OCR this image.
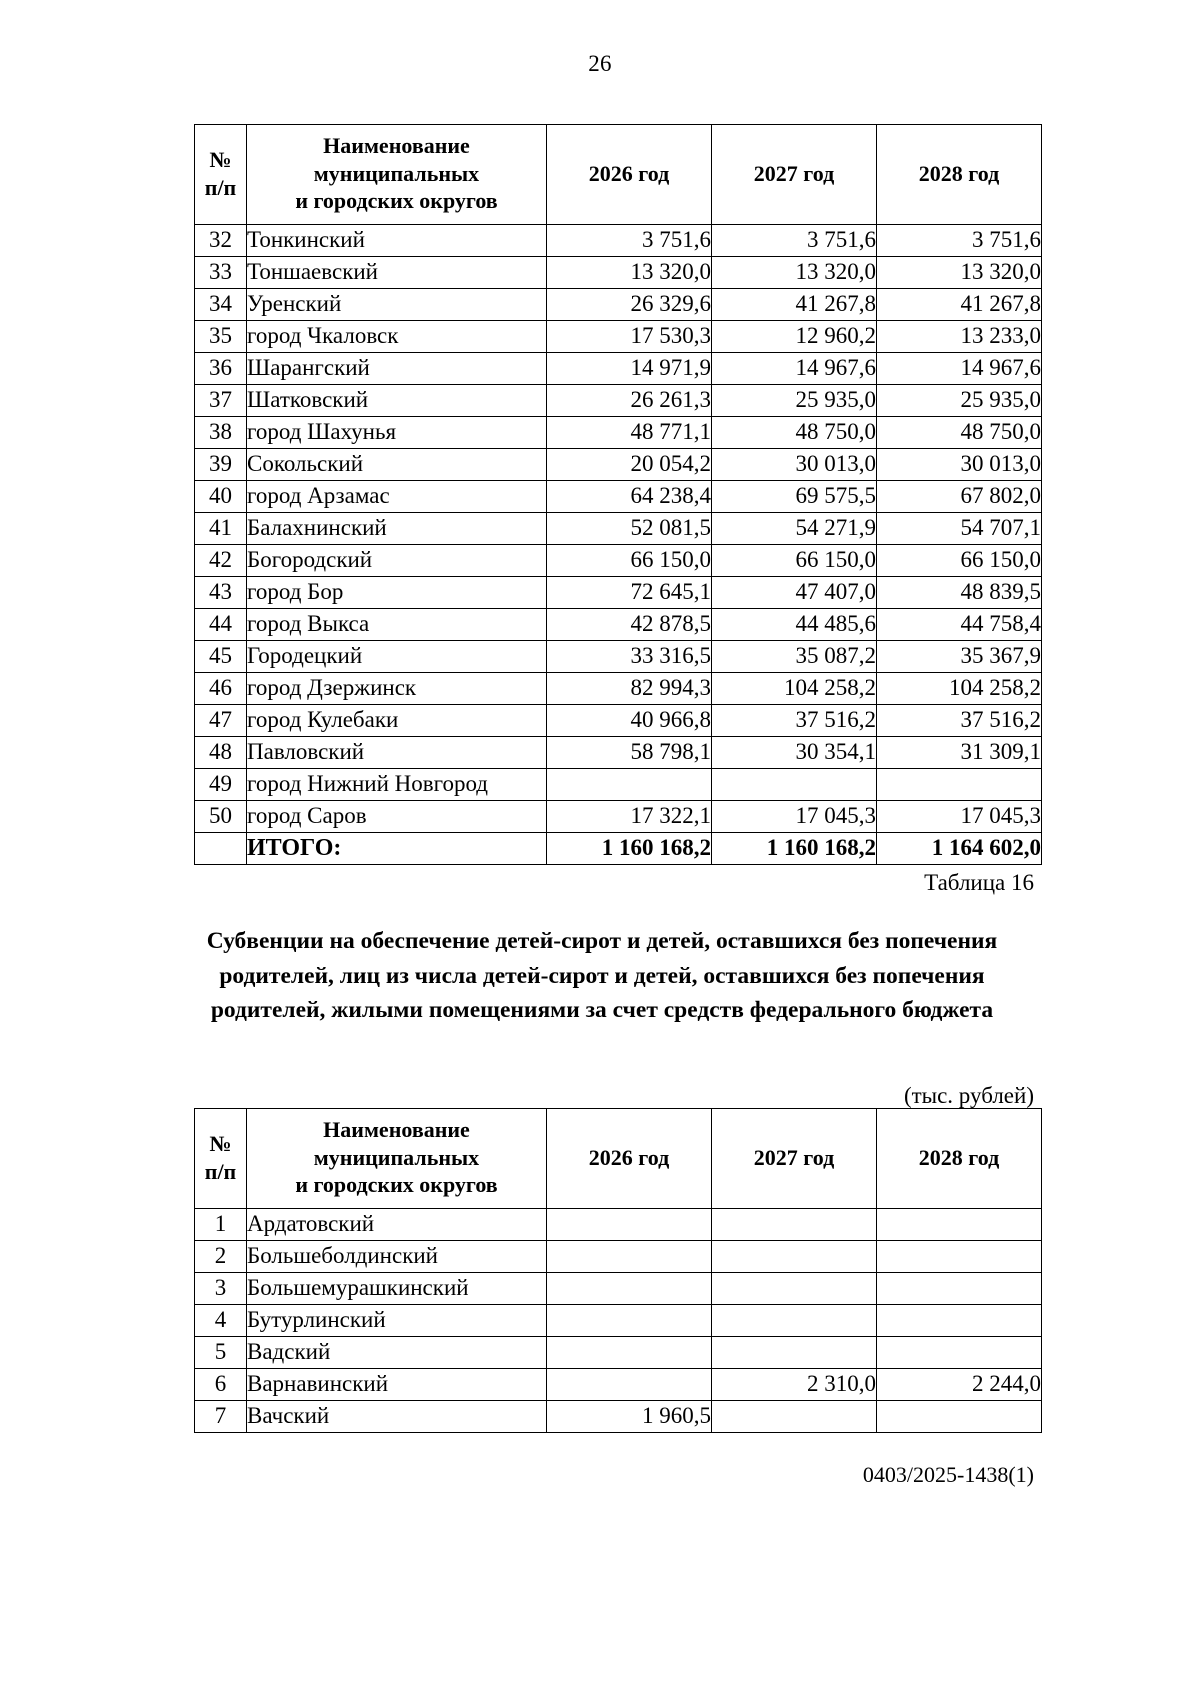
26
№
п/п	Наименование
муниципальных
и городских округов	2026 год	2027 год	2028 год
32	Тонкинский	3 751,6	3 751,6	3 751,6
33	Тоншаевский	13 320,0	13 320,0	13 320,0
34	Уренский	26 329,6	41 267,8	41 267,8
35	город Чкаловск	17 530,3	12 960,2	13 233,0
36	Шарангский	14 971,9	14 967,6	14 967,6
37	Шатковский	26 261,3	25 935,0	25 935,0
38	город Шахунья	48 771,1	48 750,0	48 750,0
39	Сокольский	20 054,2	30 013,0	30 013,0
40	город Арзамас	64 238,4	69 575,5	67 802,0
41	Балахнинский	52 081,5	54 271,9	54 707,1
42	Богородский	66 150,0	66 150,0	66 150,0
43	город Бор	72 645,1	47 407,0	48 839,5
44	город Выкса	42 878,5	44 485,6	44 758,4
45	Городецкий	33 316,5	35 087,2	35 367,9
46	город Дзержинск	82 994,3	104 258,2	104 258,2
47	город Кулебаки	40 966,8	37 516,2	37 516,2
48	Павловский	58 798,1	30 354,1	31 309,1
49	город Нижний Новгород			
50	город Саров	17 322,1	17 045,3	17 045,3
	ИТОГО:	1 160 168,2	1 160 168,2	1 164 602,0
Таблица 16
Субвенции на обеспечение детей-сирот и детей, оставшихся без попечения родителей, лиц из числа детей-сирот и детей, оставшихся без попечения родителей, жилыми помещениями за счет средств федерального бюджета
(тыс. рублей)
№
п/п	Наименование
муниципальных
и городских округов	2026 год	2027 год	2028 год
1	Ардатовский			
2	Большеболдинский			
3	Большемурашкинский			
4	Бутурлинский			
5	Вадский			
6	Варнавинский		2 310,0	2 244,0
7	Вачский	1 960,5		
0403/2025-1438(1)
